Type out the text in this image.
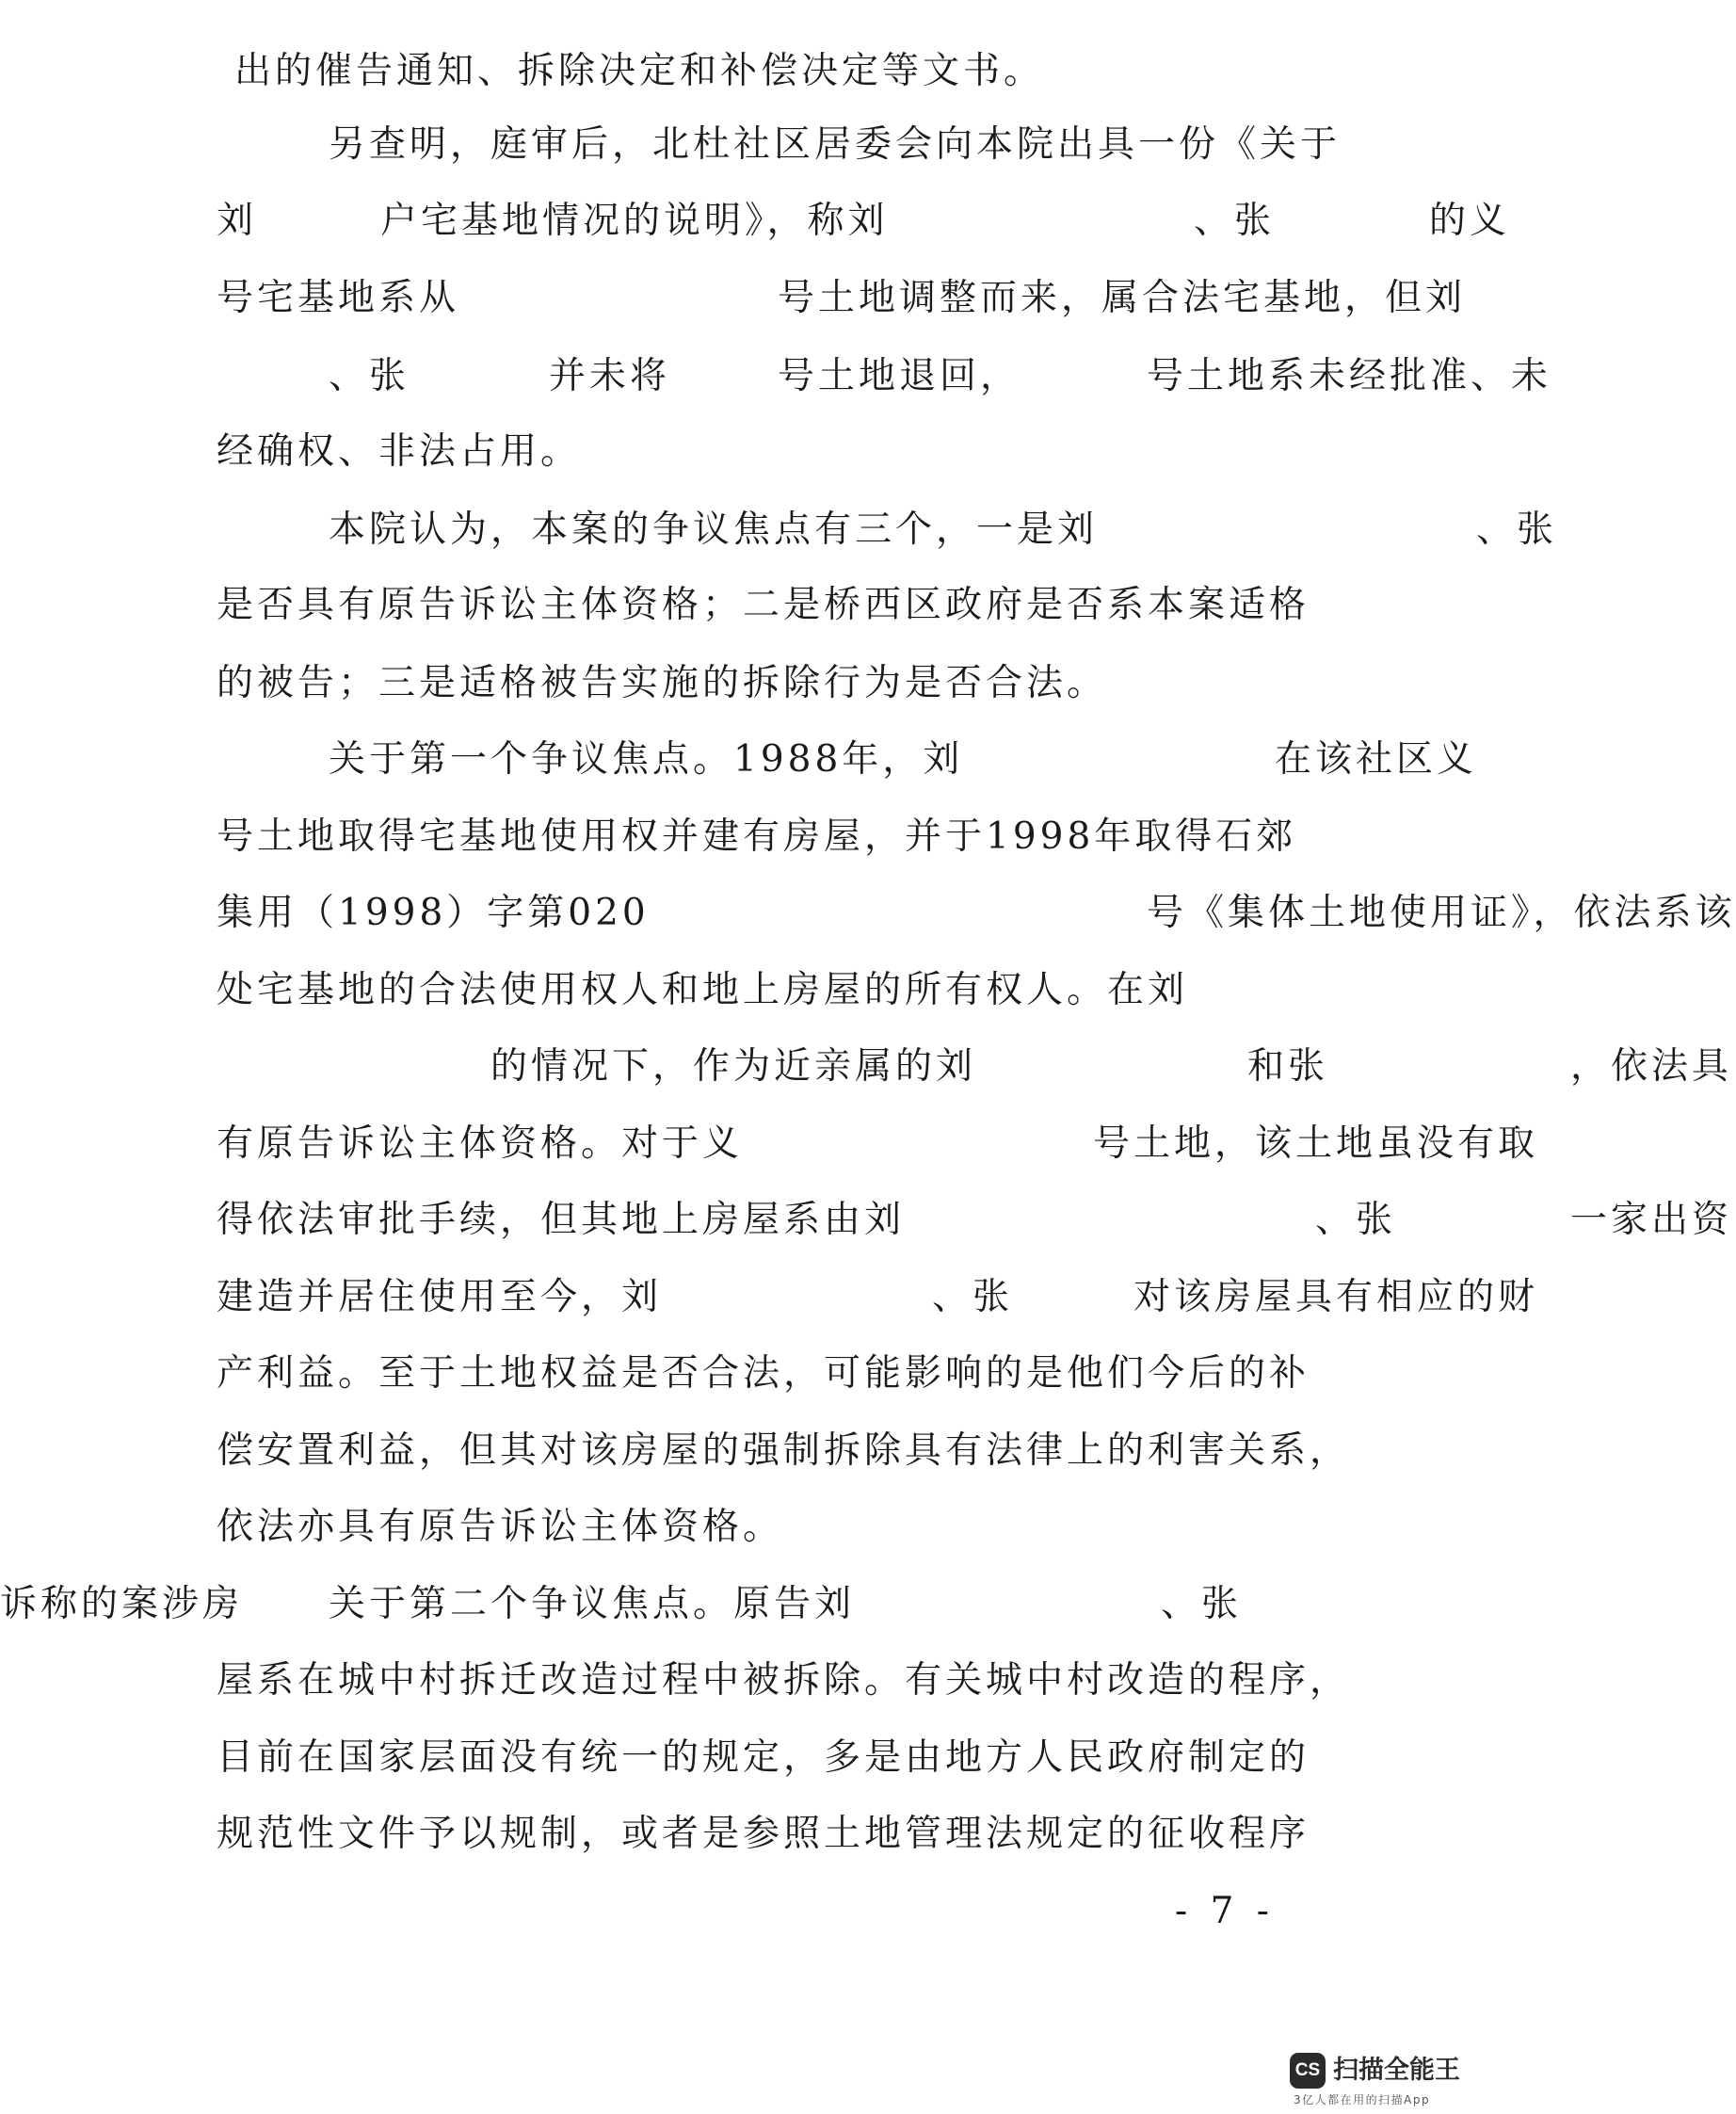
出的催告通知、拆除决定和补偿决定等文书。
另查明，庭审后，北杜社区居委会向本院出具一份《关于
刘	户宅基地情况的说明》，称刘	、张	的义
号宅基地系从	号土地调整而来，属合法宅基地，但刘
、张	并未将	号土地退回，	号土地系未经批准、未
经确权、非法占用。
本院认为，本案的争议焦点有三个，一是刘	、张
是否具有原告诉讼主体资格；二是桥西区政府是否系本案适格
的被告；三是适格被告实施的拆除行为是否合法。
关于第一个争议焦点。1988年，刘	在该社区义
号土地取得宅基地使用权并建有房屋，并于1998年取得石郊
集用（1998）字第020	号《集体土地使用证》，依法系该
处宅基地的合法使用权人和地上房屋的所有权人。在刘
的情况下，作为近亲属的刘	和张	，依法具
有原告诉讼主体资格。对于义	号土地，该土地虽没有取
得依法审批手续，但其地上房屋系由刘	、张	一家出资
建造并居住使用至今，刘	、张	对该房屋具有相应的财
产利益。至于土地权益是否合法，可能影响的是他们今后的补
偿安置利益，但其对该房屋的强制拆除具有法律上的利害关系，
依法亦具有原告诉讼主体资格。
关于第二个争议焦点。原告刘	、张
诉称的案涉房
屋系在城中村拆迁改造过程中被拆除。有关城中村改造的程序，
目前在国家层面没有统一的规定，多是由地方人民政府制定的
规范性文件予以规制，或者是参照土地管理法规定的征收程序
- 7 -
CS 扫描全能王
3亿人都在用的扫描App
